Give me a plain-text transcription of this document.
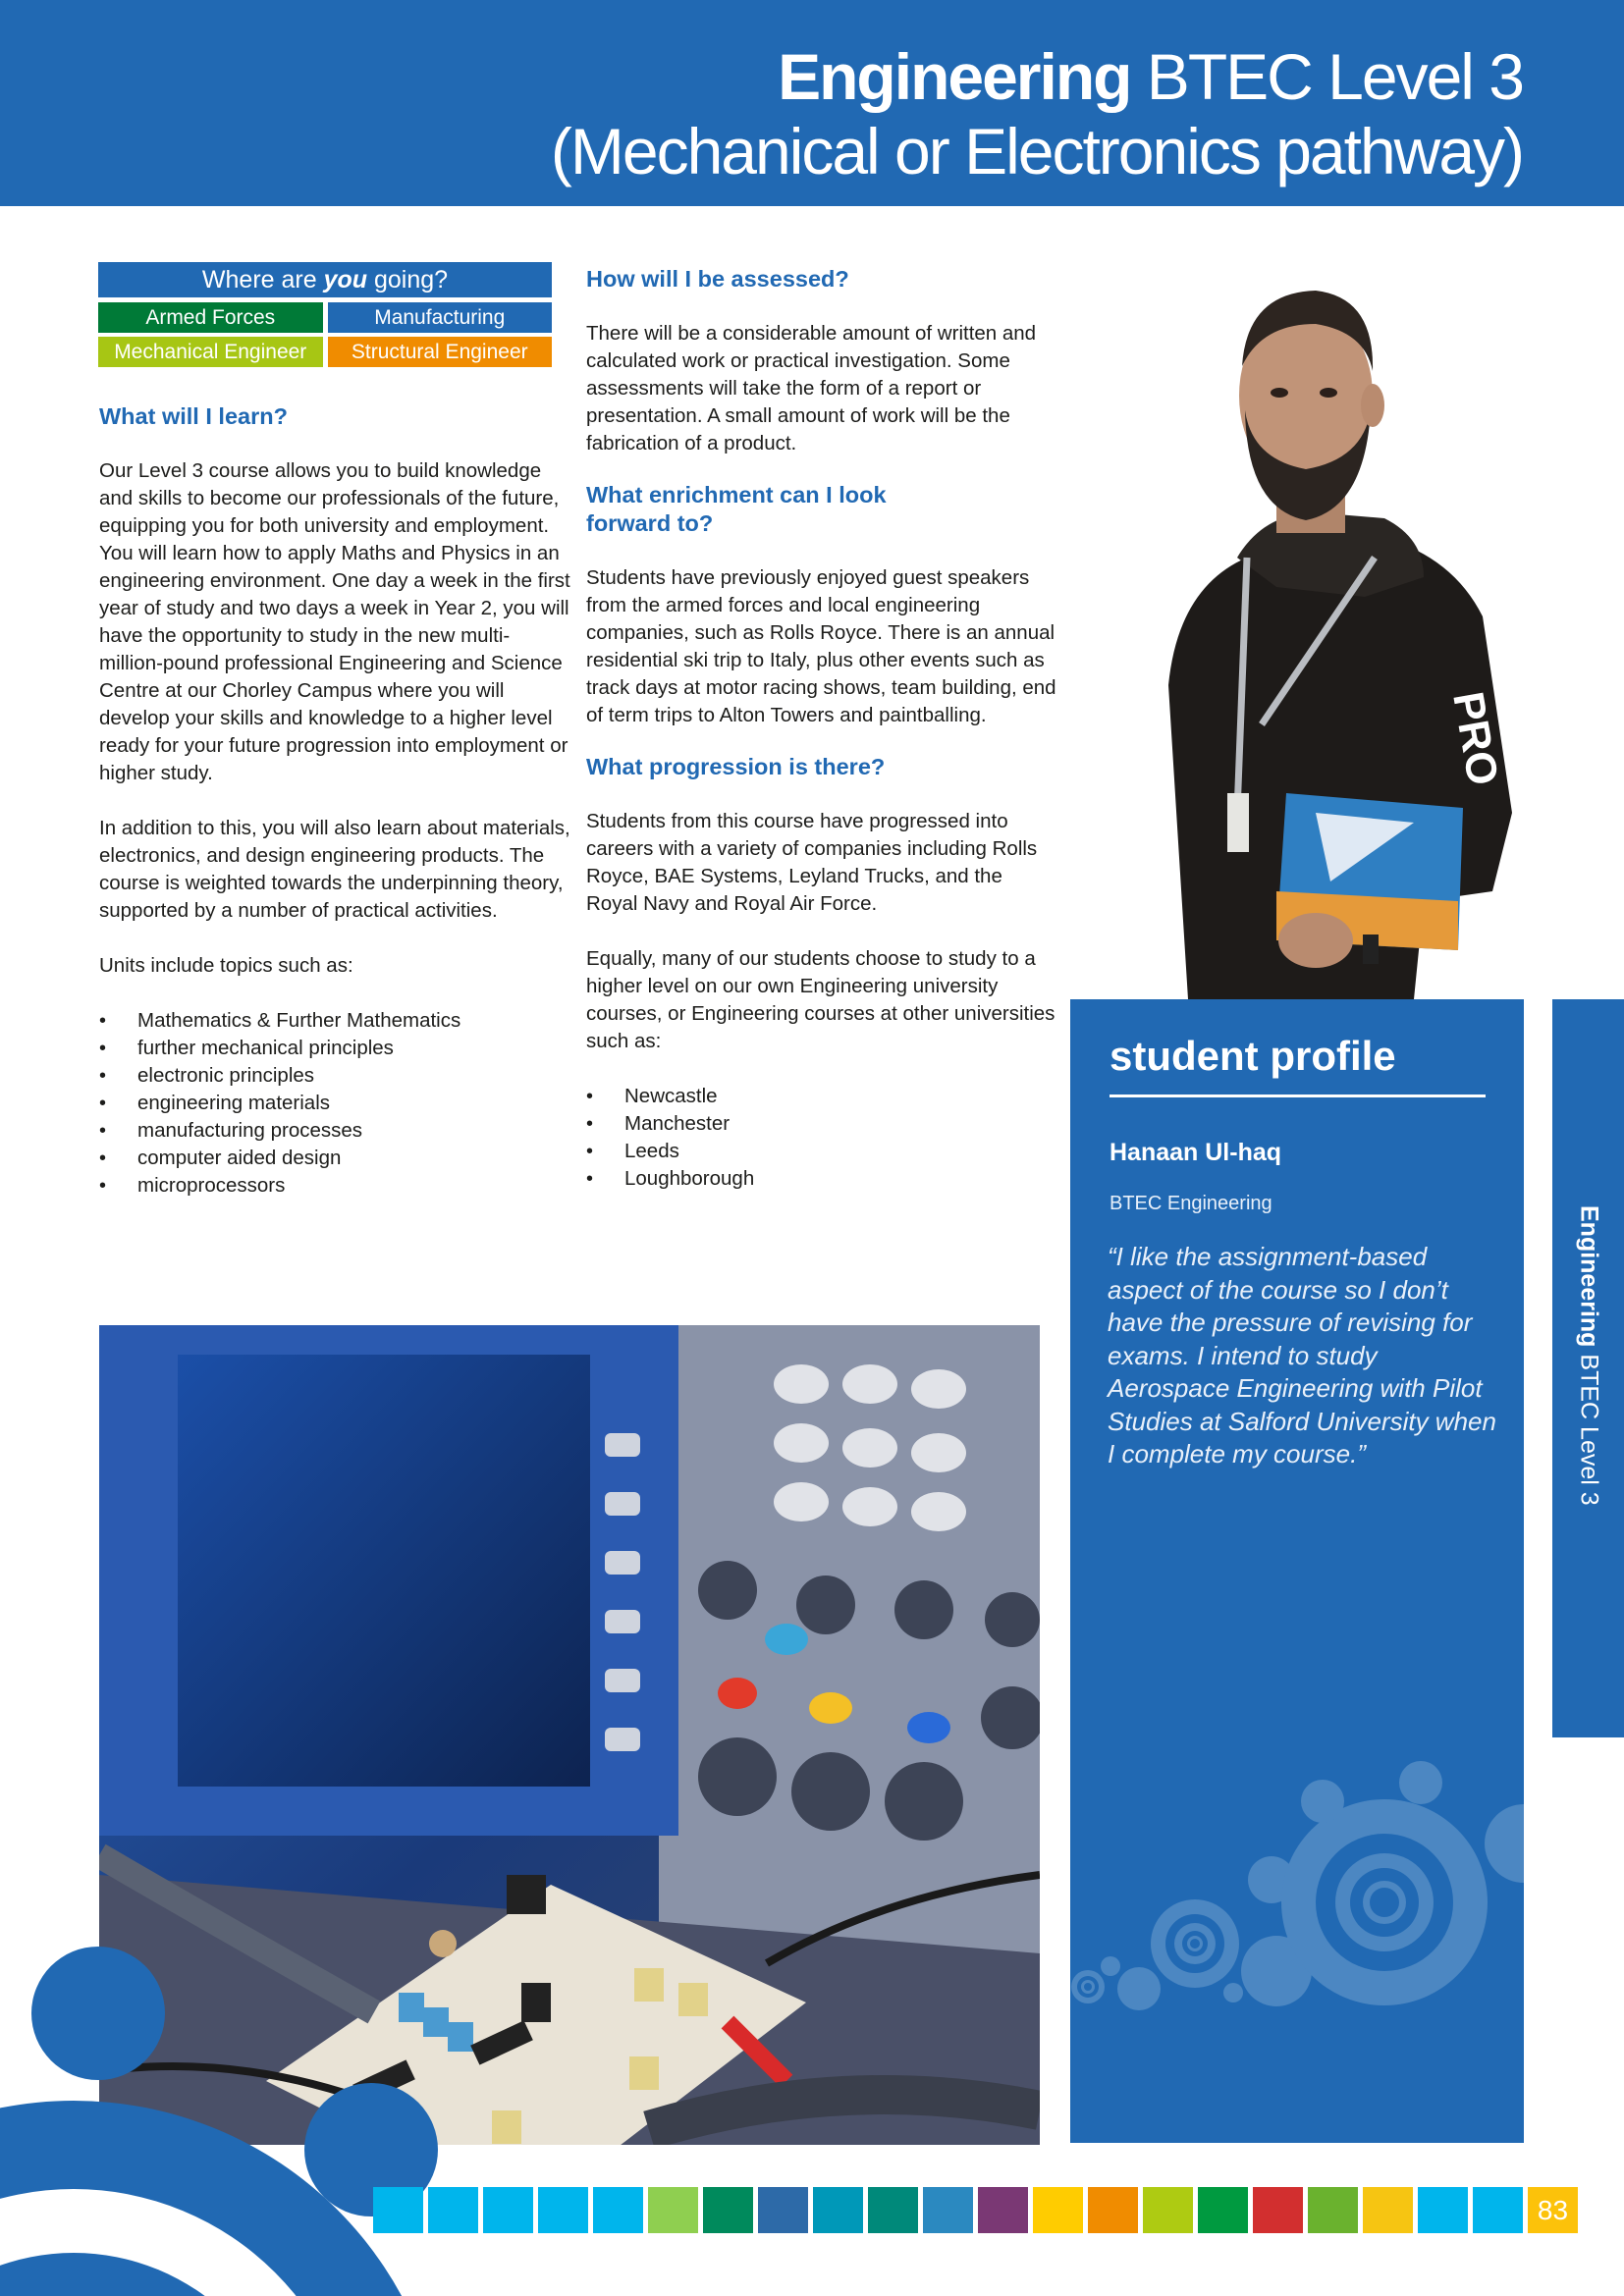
Engineering BTEC Level 3
(Mechanical or Electronics pathway)
Where are you going?
Armed Forces	Manufacturing
Mechanical Engineer	Structural Engineer
What will I learn?

Our Level 3 course allows you to build knowledge and skills to become our professionals of the future, equipping you for both university and employment. You will learn how to apply Maths and Physics in an engineering environment. One day a week in the first year of study and two days a week in Year 2, you will have the opportunity to study in the new multi-million-pound professional Engineering and Science Centre at our Chorley Campus where you will develop your skills and knowledge to a higher level ready for your future progression into employment or higher study.

In addition to this, you will also learn about materials, electronics, and design engineering products. The course is weighted towards the underpinning theory, supported by a number of practical activities.

Units include topics such as:

• Mathematics & Further Mathematics
• further mechanical principles
• electronic principles
• engineering materials
• manufacturing processes
• computer aided design
• microprocessors
How will I be assessed?

There will be a considerable amount of written and calculated work or practical investigation. Some assessments will take the form of a report or presentation. A small amount of work will be the fabrication of a product.

What enrichment can I look forward to?

Students have previously enjoyed guest speakers from the armed forces and local engineering companies, such as Rolls Royce. There is an annual residential ski trip to Italy, plus other events such as track days at motor racing shows, team building, end of term trips to Alton Towers and paintballing.

What progression is there?

Students from this course have progressed into careers with a variety of companies including Rolls Royce, BAE Systems, Leyland Trucks, and the Royal Navy and Royal Air Force.

Equally, many of our students choose to study to a higher level on our own Engineering university courses, or Engineering courses at other universities such as:

• Newcastle
• Manchester
• Leeds
• Loughborough
PRO
student profile
Hanaan Ul-haq
BTEC Engineering
“I like the assignment-based aspect of the course so I don’t have the pressure of revising for exams. I intend to study Aerospace Engineering with Pilot Studies at Salford University when I complete my course.”
Engineering BTEC Level 3
83
